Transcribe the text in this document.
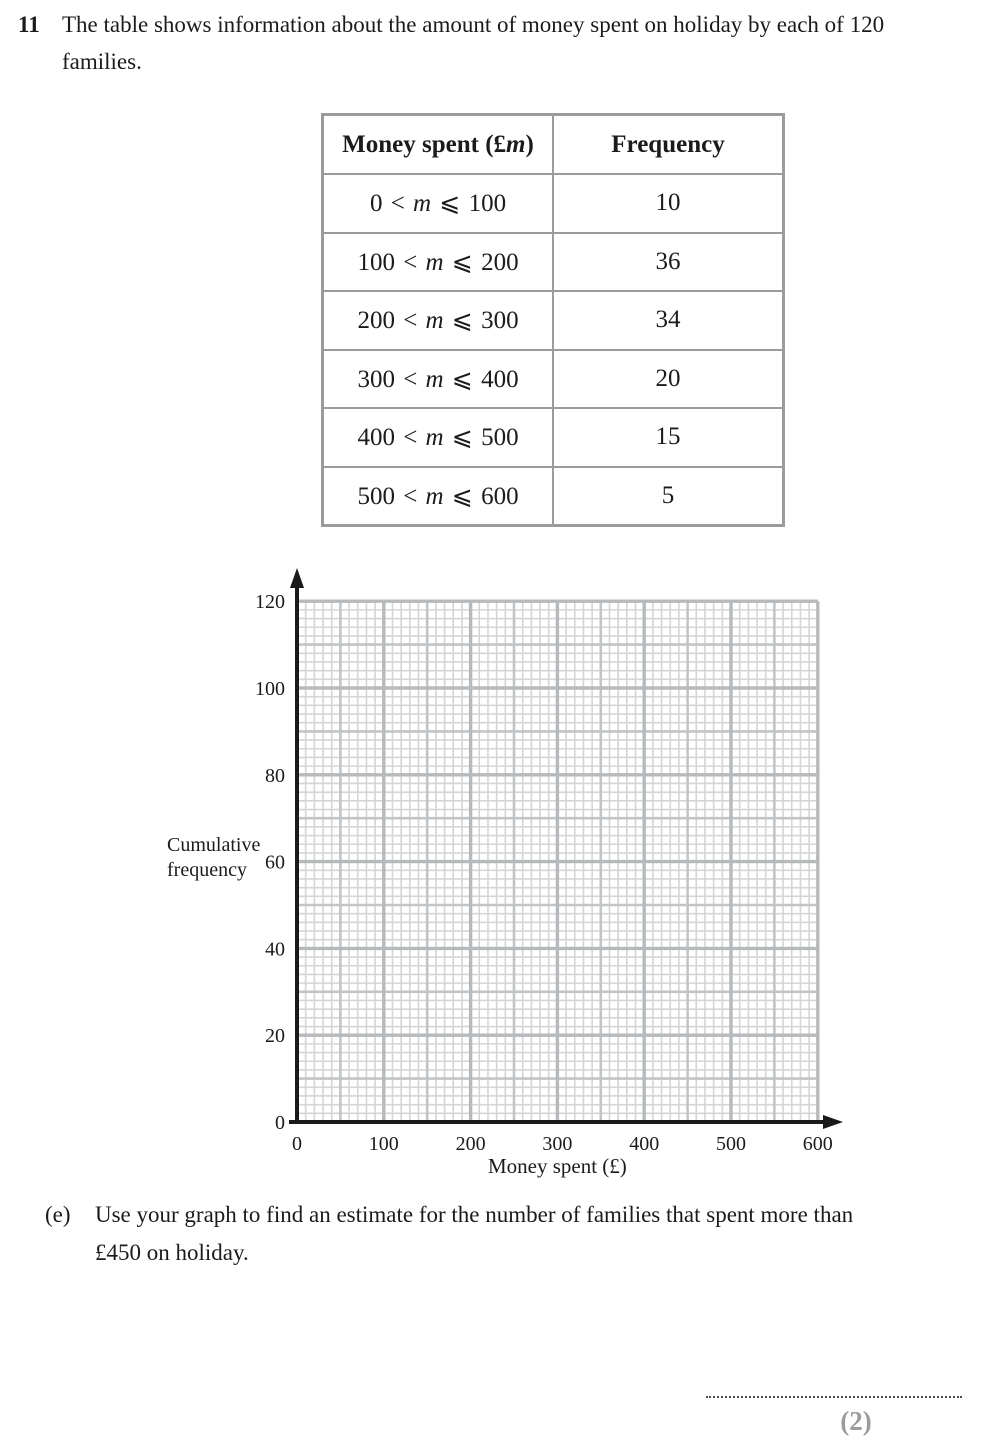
11 The table shows information about the amount of money spent on holiday by each of 120
families.
Money spent (£m)	Frequency
0 < m ⩽ 100	10
100 < m ⩽ 200	36
200 < m ⩽ 300	34
300 < m ⩽ 400	20
400 < m ⩽ 500	15
500 < m ⩽ 600	5
0
20
40
60
80
100
120
0	100	200	300	400	500	600
Money spent (£)
Cumulative
frequency
(e) Use your graph to find an estimate for the number of families that spent more than
£450 on holiday.
(2)
